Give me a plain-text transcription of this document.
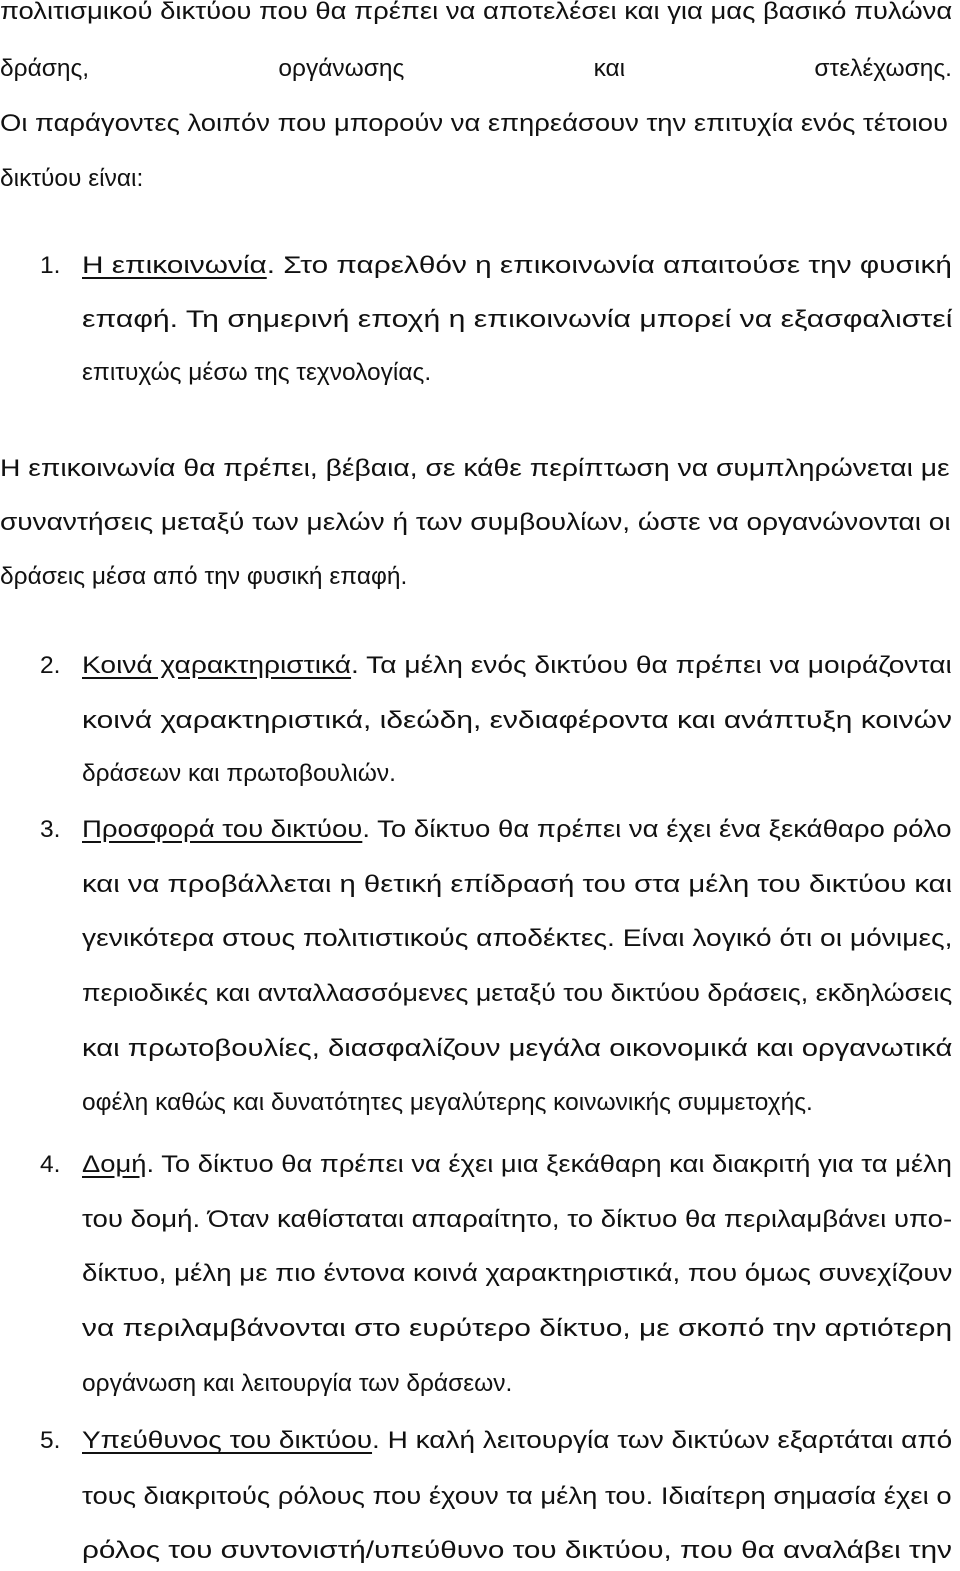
πολιτισμικού δικτύου που θα πρέπει να αποτελέσει και για μας βασικό πυλώνα
δράσης,	οργάνωσης	και	στελέχωσης.
Οι παράγοντες λοιπόν που μπορούν να επηρεάσουν την επιτυχία ενός τέτοιου
δικτύου είναι:
1. Η επικοινωνία. Στο παρελθόν η επικοινωνία απαιτούσε την φυσική
επαφή. Τη σημερινή εποχή η επικοινωνία μπορεί να εξασφαλιστεί
επιτυχώς μέσω της τεχνολογίας.
Η επικοινωνία θα πρέπει, βέβαια, σε κάθε περίπτωση να συμπληρώνεται με
συναντήσεις μεταξύ των μελών ή των συμβουλίων, ώστε να οργανώνονται οι
δράσεις μέσα από την φυσική επαφή.
2. Κοινά χαρακτηριστικά. Τα μέλη ενός δικτύου θα πρέπει να μοιράζονται
κοινά χαρακτηριστικά, ιδεώδη, ενδιαφέροντα και ανάπτυξη κοινών
δράσεων και πρωτοβουλιών.
3. Προσφορά του δικτύου. Το δίκτυο θα πρέπει να έχει ένα ξεκάθαρο ρόλο
και να προβάλλεται η θετική επίδρασή του στα μέλη του δικτύου και
γενικότερα στους πολιτιστικούς αποδέκτες. Είναι λογικό ότι οι μόνιμες,
περιοδικές και ανταλλασσόμενες μεταξύ του δικτύου δράσεις, εκδηλώσεις
και πρωτοβουλίες, διασφαλίζουν μεγάλα οικονομικά και οργανωτικά
οφέλη καθώς και δυνατότητες μεγαλύτερης κοινωνικής συμμετοχής.
4. Δομή. Το δίκτυο θα πρέπει να έχει μια ξεκάθαρη και διακριτή για τα μέλη
του δομή. Όταν καθίσταται απαραίτητο, το δίκτυο θα περιλαμβάνει υπο-
δίκτυο, μέλη με πιο έντονα κοινά χαρακτηριστικά, που όμως συνεχίζουν
να περιλαμβάνονται στο ευρύτερο δίκτυο, με σκοπό την αρτιότερη
οργάνωση και λειτουργία των δράσεων.
5. Υπεύθυνος του δικτύου. Η καλή λειτουργία των δικτύων εξαρτάται από
τους διακριτούς ρόλους που έχουν τα μέλη του. Ιδιαίτερη σημασία έχει ο
ρόλος του συντονιστή/υπεύθυνο του δικτύου, που θα αναλάβει την
